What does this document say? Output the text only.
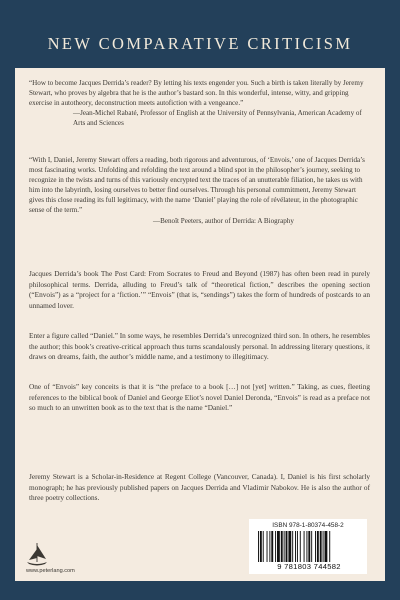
NEW COMPARATIVE CRITICISM
“How to become Jacques Derrida’s reader? By letting his texts engender you. Such a birth is taken literally by Jeremy Stewart, who proves by algebra that he is the author’s bastard son. In this wonderful, intense, witty, and gripping exercise in autotheory, deconstruction meets autofiction with a vengeance.”
—Jean-Michel Rabaté, Professor of English at the University of Pennsylvania, American Academy of Arts and Sciences
“With I, Daniel, Jeremy Stewart offers a reading, both rigorous and adventurous, of ‘Envois,’ one of Jacques Derrida’s most fascinating works. Unfolding and refolding the text around a blind spot in the philosopher’s journey, seeking to recognize in the twists and turns of this variously encrypted text the traces of an unutterable filiation, he takes us with him into the labyrinth, losing ourselves to better find ourselves. Through his personal commitment, Jeremy Stewart gives this close reading its full legitimacy, with the name ‘Daniel’ playing the role of révélateur, in the photographic sense of the term.”
—Benoît Peeters, author of Derrida: A Biography

Jacques Derrida’s book The Post Card: From Socrates to Freud and Beyond (1987) has often been read in purely philosophical terms. Derrida, alluding to Freud’s talk of “theoretical fiction,” describes the opening section (“Envois”) as a “project for a ‘fiction.’” “Envois” (that is, “sendings”) takes the form of hundreds of postcards to an unnamed lover.

Enter a figure called “Daniel.” In some ways, he resembles Derrida’s unrecognized third son. In others, he resembles the author; this book’s creative-critical approach thus turns scandalously personal. In addressing literary questions, it draws on dreams, faith, the author’s middle name, and a testimony to illegitimacy.

One of “Envois” key conceits is that it is “the preface to a book […] not [yet] written.” Taking, as cues, fleeting references to the biblical book of Daniel and George Eliot’s novel Daniel Deronda, “Envois” is read as a preface not so much to an unwritten book as to the text that is the name “Daniel.”

Jeremy Stewart is a Scholar-in-Residence at Regent College (Vancouver, Canada). I, Daniel is his first scholarly monograph; he has previously published papers on Jacques Derrida and Vladimir Nabokov. He is also the author of three poetry collections.

www.peterlang.com
ISBN 978-1-80374-458-2
9 781803 744582
